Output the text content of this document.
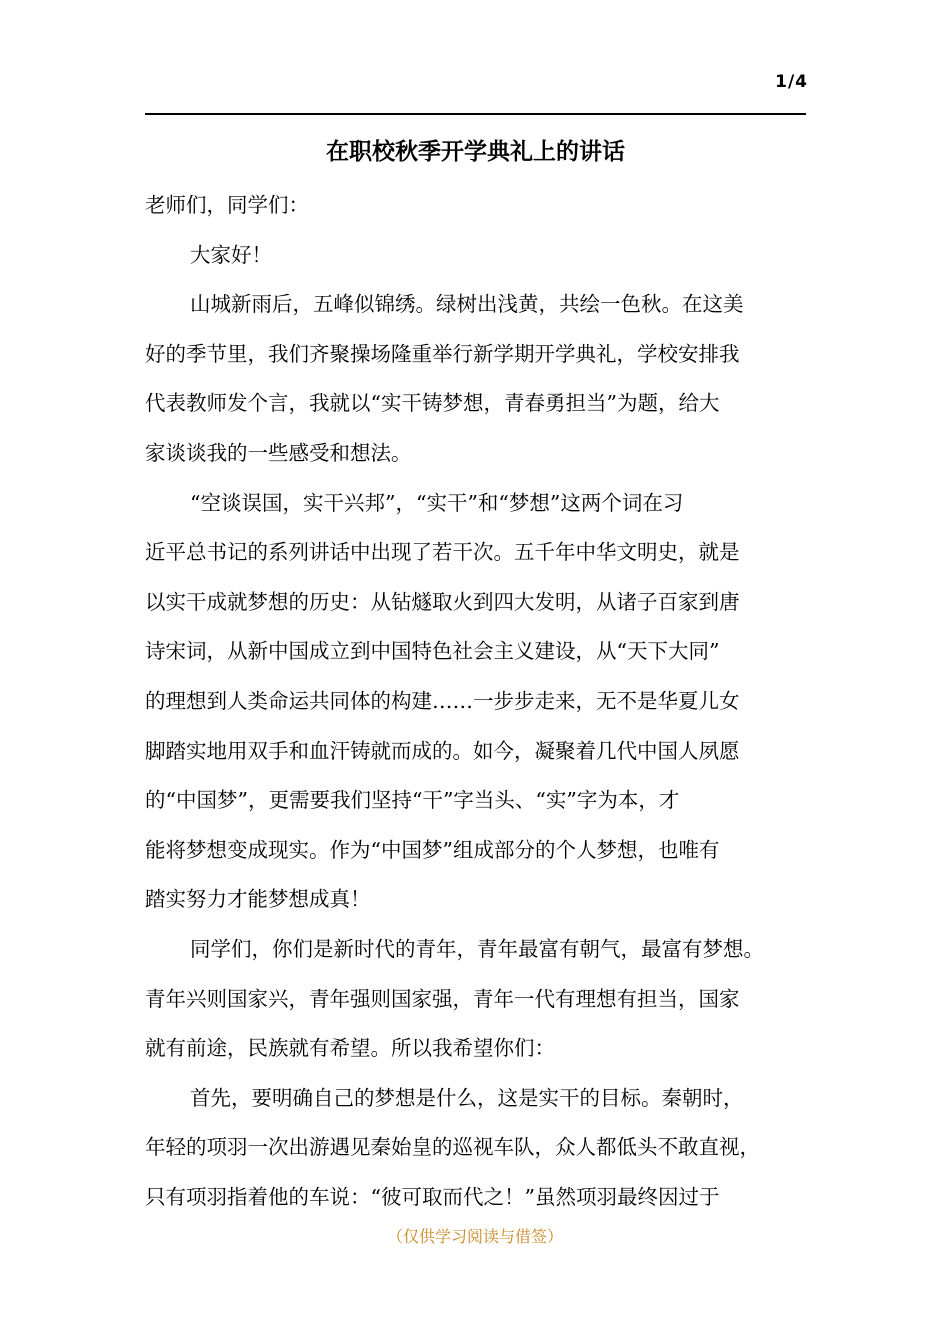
1/4
在职校秋季开学典礼上的讲话
老师们，同学们：
大家好！
山城新雨后，五峰似锦绣。绿树出浅黄，共绘一色秋。在这美
好的季节里，我们齐聚操场隆重举行新学期开学典礼，学校安排我
代表教师发个言，我就以“实干铸梦想，青春勇担当”为题，给大
家谈谈我的一些感受和想法。
“空谈误国，实干兴邦”，“实干”和“梦想”这两个词在习
近平总书记的系列讲话中出现了若干次。五千年中华文明史，就是
以实干成就梦想的历史：从钻燧取火到四大发明，从诸子百家到唐
诗宋词，从新中国成立到中国特色社会主义建设，从“天下大同”
的理想到人类命运共同体的构建……一步步走来，无不是华夏儿女
脚踏实地用双手和血汗铸就而成的。如今，凝聚着几代中国人夙愿
的“中国梦”，更需要我们坚持“干”字当头、“实”字为本，才
能将梦想变成现实。作为“中国梦”组成部分的个人梦想，也唯有
踏实努力才能梦想成真！
同学们，你们是新时代的青年，青年最富有朝气，最富有梦想。
青年兴则国家兴，青年强则国家强，青年一代有理想有担当，国家
就有前途，民族就有希望。所以我希望你们：
首先，要明确自己的梦想是什么，这是实干的目标。秦朝时，
年轻的项羽一次出游遇见秦始皇的巡视车队，众人都低头不敢直视，
只有项羽指着他的车说：“彼可取而代之！”虽然项羽最终因过于
（仅供学习阅读与借签）
